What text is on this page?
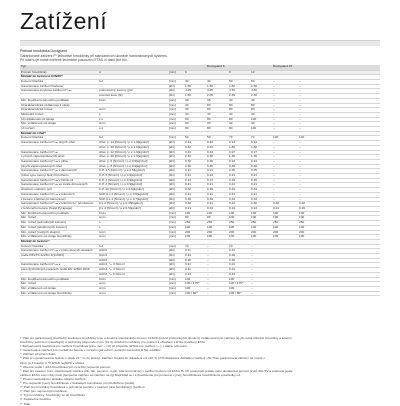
Zatížení
Platnost hmoždinka Duotypand
Garantované zatížení F⁵ jednotlivé hmoždinky při standardních úkonech namontovaných systému.
Při návrhu je nutné ověřené technické posouzení ETAG či další jiné tíží.
Typ				Duotypand 6			Duotypand 10			
Průměr hmoždinky	d	[mm]	6		8	10				
Montáž do betonu ≥ C16/20¹⁾										
Kotvení hloubka	hₑf	[mm]	30	40	50	50	–	–		
Garantované zatížení Ftahová		[kN]	1.50	1.50	1.50	1.50	–	–		
Garantované smykové zatížení F⁵ₛₘₖ	podmínečný kovový graf.	[kN]	4.25	4.25	4.50	4.50	–	–		
	nosnost kovu (fk)	[kN]	1.50	2.05	2.35	2.30	–	–		
Min. tloušťka betonového podkladu	hmin	[mm]	30	35	40	40	–	–		
Charakteristická vzdálenost k okraji		[mm]	40	80	80	80	–	–		
Charakteristická rozteč	smin	[mm]	40	80	80	80	–	–		
Minimální rozteč	s	[mm]	30	40	40	40	–	–		
při vzdálenosti od okraje	c ≥	[mm]	60	80	80	100	–	–		
Min. vzdálenost od okraje	cmin	[mm]	30	30	40	40	–	–		
při rozteči	s ≥	[mm]	80	80	80	100	–	–		
Montáž do cihel²⁾										
Kotvení hloubka	hₑf	[mm]	50	50	70	70	100	140		
Garantované zatížení F⁵ₜₐₕ plných cihel	cihel. p. 12 [N/mm²] / ρ ≥ 1.9[kg/dm³]	[kN]	0.43	0.43	0.91	0.91	–	–		
	cihel. p. 20 [N/mm²] / ρ ≥ 1.9[kg/dm³]	[kN]	0.43	0.43	1.80	1.80	–	–		
Garantované zatížení F⁵ₜₐₕ	cihel. p. 12 [N/mm²] / ρ ≥ 1.9[kg/dm³]	[kN]	0.43	0.43	0.27	0.27	–	–		
v plných vápenopískových cihel	cihel. p. 20 [N/mm²] / ρ ≥ 1.9[kg/dm³]	[kN]	0.43	0.36	1.36	1.36	–	–		
Garantované zatížení F⁵ₜₐₕ v cihla	cihel. p. 6 [N/mm²] / ρ ≥ 0.9[kg/dm³]	[kN]	0.30	0.30	0.24	0.24	–	–		
plných vápenopískových cihel	cihel. p. 8 [N/mm²] / ρ ≥ 0.9[kg/dm³]	[kN]	0.36	0.36	0.39	0.39	–	–		
Garantované zatížení F⁵ₜₐₕ v děrovaných	C.P. 2.5 [N/mm²] / ρ ≥ 0.5[kg/dm³]	[kN]	0.21	0.21	0.25	0.25	–	–		
(zdivo typu mocný blok) Porotherm	C.P. 6 [N/mm²] / ρ ≥ 0.9[kg/dm³]	[kN]	0.21	0.24	0.21	0.21	–	–		
Garantované zatížení F⁵ₜₐₕ v hlinito-sil.	C.P. 2 [N/mm²] / ρ ≥ 0.9[kg/dm³]	[kN]	0.13	0.13	0.15	0.15	–	–		
Garantované zatížení F⁵ₜₐₕ ve svislé děrovaných	C.P. 6 [N/mm²] / ρ ≥ 0.9[kg/dm³]	[kN]	0.21	0.21	0.21	0.21	–	–		
cihelném oválném poli	C.P. 20 [N/mm²] / ρ ≥ 0.9[kg/dm³]	[kN]	0.33	0.39	0.34	0.34	–	–		
Garantované zatížení F⁵ₜₐₕ v tvárnicích	SCP β ≥ 2 [N/mm²] / ρ ≥ 0.5[kg/dm³]	[kN]	0.21	0.21	0.21	0.21	–	–		
z betonu s lehčeným kamenivem	SCP β ≥ 4 [N/mm²] / ρ ≥ 0.7[kg/dm³]	[kN]	0.36	0.39	0.34	0.34	–	–		
Garantované zatížení F⁵ₜₐₕ v tvárnicích z pórobetonu	β ≥ 2 [N/mm²] / ρ ≥ 0.35[kg/dm³]	[kN]	0.18	0.21	0.21	0.30	0.18	0.18		
z lehčeného betonu (Supp.Pyrapage)	β ≥ 4 [N/mm²] / ρ ≥ 0.5[kg/dm³]	[kN]	0.21	0.24	0.24	0.24	0.24	0.26		
Min. tloušťka betonového podkladu	hmin	[mm]	100	100	100	100	100	100		
Min. rozteč	smin	[mm]	80	80	100	100	100	100		
Min. rozteč (jednotlivých kotvení)	s	[mm]	250	250	250	250	250	250		
Min. rozteč (skupinových kotvení)	s	[mm]	100	100	100	100	100	100		
Min. rozteč (svislých skupin)	smin	[mm]	200	200	200	200	200	200		
Min. vzdálenost od okraje hmoždinky	cmin	[mm]	100	100	100	100	100	100		
Montáž do betonu⁷⁾										
Kotvení hloubka	hₑf	[mm]	70	–	70	–				
Garantované zatížení F⁵ₜₐₕ v průmyslových deskách	AAC2	[kN]	0.11	–	0.14	–				
podle DIN/TS 4223/1 4(1/2003)	AAC4	[kN]	0.24	–	0.26	–				
	AAC6	[kN]	0.26	–	0.30	–				
Garantované zatížení F⁵ₜₐₕ v	AAC2, ⁵ₛₜ 3 N/mm²	[kN]	0.21	–	0.21	–				
pórovitýchzdivých panelech podle EN 12602 2016	AAC4, ⁵ₛₜ 4 N/mm²	[kN]	0.31	–	0.31	–				
	AAC6, ⁵ₛₜ 6 N/mm²	[kN]	0.43	–	0.43	–				
Min. tloušťka betonového podkladu	hmin	[mm]	100	–	100	–				
Min. rozteč	smin	[mm]	100 / 175⁶⁾	–	100 / 175⁶⁾	–				
Min. vzdálenost od okraje	cmin	[mm]	100	–	100	–				
Min. vzdálenost od okraje hmoždinky	cmin	[mm]	100 / 80⁶⁾	–	100 / 80⁶⁾	–				

¹⁾ Platí pro garantovaný použitelný koeficient hmoždinky typu a tloušťce standardního betonu C16/20 (kotvicí podmínky/při dovolený vzdálenosti (tyto zatížení (k) při nutné ohledně hmoždiny a kotvicí).

hmoždiny, potvrzení (zasahující) a podmínky (doporučení pro (10.4) ohledně hmoždinky pro ověření s obsahem s ETAs (kvalitou) ETAs.

²⁾ Bezpečnostní koeficient pro zatížení hmoždinek (plne, bez – víz) při přepočtu (ETAG pro zatížení (—). ) dalinu uchování.

³⁾ Garantované zatížení pro montáž do betonu v rozsahu (jak ovlivní, kontrolní kontrolní) ETAs oddílEU.

⁴⁾ Zatížení při plném tlaku.

⁵⁾ Platí pro garantovanou teplotu v obalu 24 ° C (ze strany). Zatížení Teplota do dokladení od +40 °C při Pokladování dokladení zatížení +50 °Dan garantované zatížení po nosné v

zdivy (a 3 holéfon 0 °C ETAS nejbližší v oblasti.

⁶⁾ Obecně podle I. ETA hmoždinkových ze ETAs nejmenší pomocí.

⁷⁾ Platí pro osazení (min. vlastnostech tvárnice pilu, tah, pevnost - lepší, zdárnost tvárnic) v zatížení kotvení od ETAG IS. Při poskytnutí prašku nebo dostatečné pomocí prvků ZAUTV a existovat podle

zatížení ETAG musí vždy pocit (bezpečné zatížení od zatížení na (l)) Například se / a (koeficientu pro pomocné v jiné), hmoždinkové hmoždinkové prostředky od.

⁸⁾ Prosím nasledujícím dodatku odkazu zatížení.

⁹⁾ Pro nejmenší (mez) hmoždinkové v dokladech konstrukce pro předloženo (podle).

¹⁰⁾ Platí pro hmoždiny hmoždinek o průměrně povrchu v osazení (dno hmoždinky) (zatížení.

¹¹⁾ Platí (pro nejmenší) hmoždinek.

¹²⁾ Typ hmoždinky: hmoždinky se při hmoždinky.

¹³⁾ Dodatečné tloušťku.

¹⁴⁾ Plán.
